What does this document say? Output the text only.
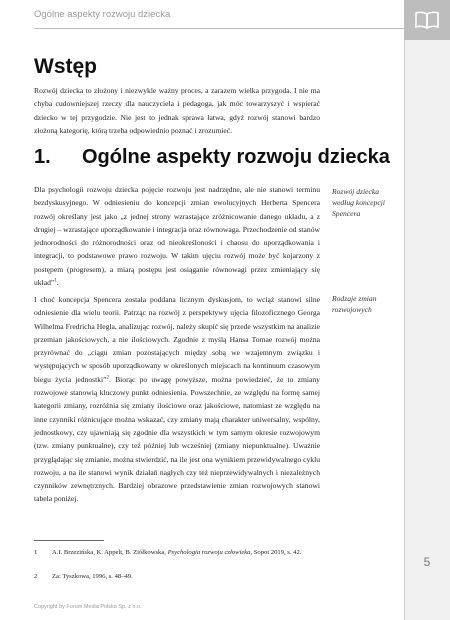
Ogólne aspekty rozwoju dziecka
5
Wstęp

Rozwój dziecka to złożony i niezwykle ważny proces, a zarazem wielka przygoda. I nie ma chyba cudowniejszej rzeczy dla nauczyciela i pedagoga, jak móc towarzyszyć i wspierać dziecko w tej przygodzie. Nie jest to jednak sprawa łatwa, gdyż rozwój stanowi bardzo złożoną kategorię, którą trzeba odpowiednio poznać i zrozumieć.

1. Ogólne aspekty rozwoju dziecka

Dla psychologii rozwoju dziecka pojęcie rozwoju jest nadrzędne, ale nie stanowi terminu bezdyskusyjnego. W odniesieniu do koncepcji zmian ewolucyjnych Herberta Spencera rozwój określany jest jako „z jednej strony wzrastające zróżnicowanie danego układu, a z drugiej – wzrastające uporządkowanie i integracja oraz równowaga. Przechodzenie od stanów jednorodności do różnorodności oraz od nieokreśloności i chaosu do uporządkowania i integracji, to podstawowe prawo rozwoju. W takim ujęciu rozwój może być kojarzony z postępem (progresem), a miarą postępu jest osiąganie równowagi przez zmieniający się układ”$^1$.

I choć koncepcja Spencera została poddana licznym dyskusjom, to wciąż stanowi silne odniesienie dla wielu teorii. Patrząc na rozwój z perspektywy ujęcia filozoficznego Georga Wilhelma Fredricha Hegla, analizując rozwój, należy skupić się przede wszystkim na analizie przemian jakościowych, a nie ilościowych. Zgodnie z myślą Hansa Tomae rozwój można przyrównać do „ciągu zmian pozostających między sobą we wzajemnym związku i występujących w sposób uporządkowany w określonych miejscach na kontinuum czasowym biegu życia jednostki”$^2$. Biorąc po uwagę powyższe, można powiedzieć, że to zmiany rozwojowe stanowią kluczowy punkt odniesienia. Powszechnie, ze względu na formę samej kategorii zmiany, rozróżnia się zmiany ilościowe oraz jakościowe, natomiast ze względu na inne czynniki różnicujące można wskazać, czy zmiany mają charakter uniwersalny, wspólny, jednostkowy, czy ujawniają się zgodnie dla wszystkich w tym samym okresie rozwojowym (tzw. zmiany punktualne), czy też później lub wcześniej (zmiany niepunktualne). Uważnie przyglądając się zmianie, można stwierdzić, na ile jest ona wynikiem przewidywalnego cyklu rozwoju, a na ile stanowi wynik działań nagłych czy też nieprzewidywalnych i niezależnych czynników zewnętrznych. Bardziej obrazowe przedstawienie zmian rozwojowych stanowi tabela poniżej.

Rozwój dziecka według koncepcji Spencera
Rodzaje zmian rozwojowych
1 A.I. Brzezińska, K. Appelt, B. Ziółkowska, Psychologia rozwoju człowieka, Sopot 2019, s. 42.
2 Za: Tyszkowa, 1996, s. 48–49.
Copyright by Forum Media Polska Sp. z o.o.
